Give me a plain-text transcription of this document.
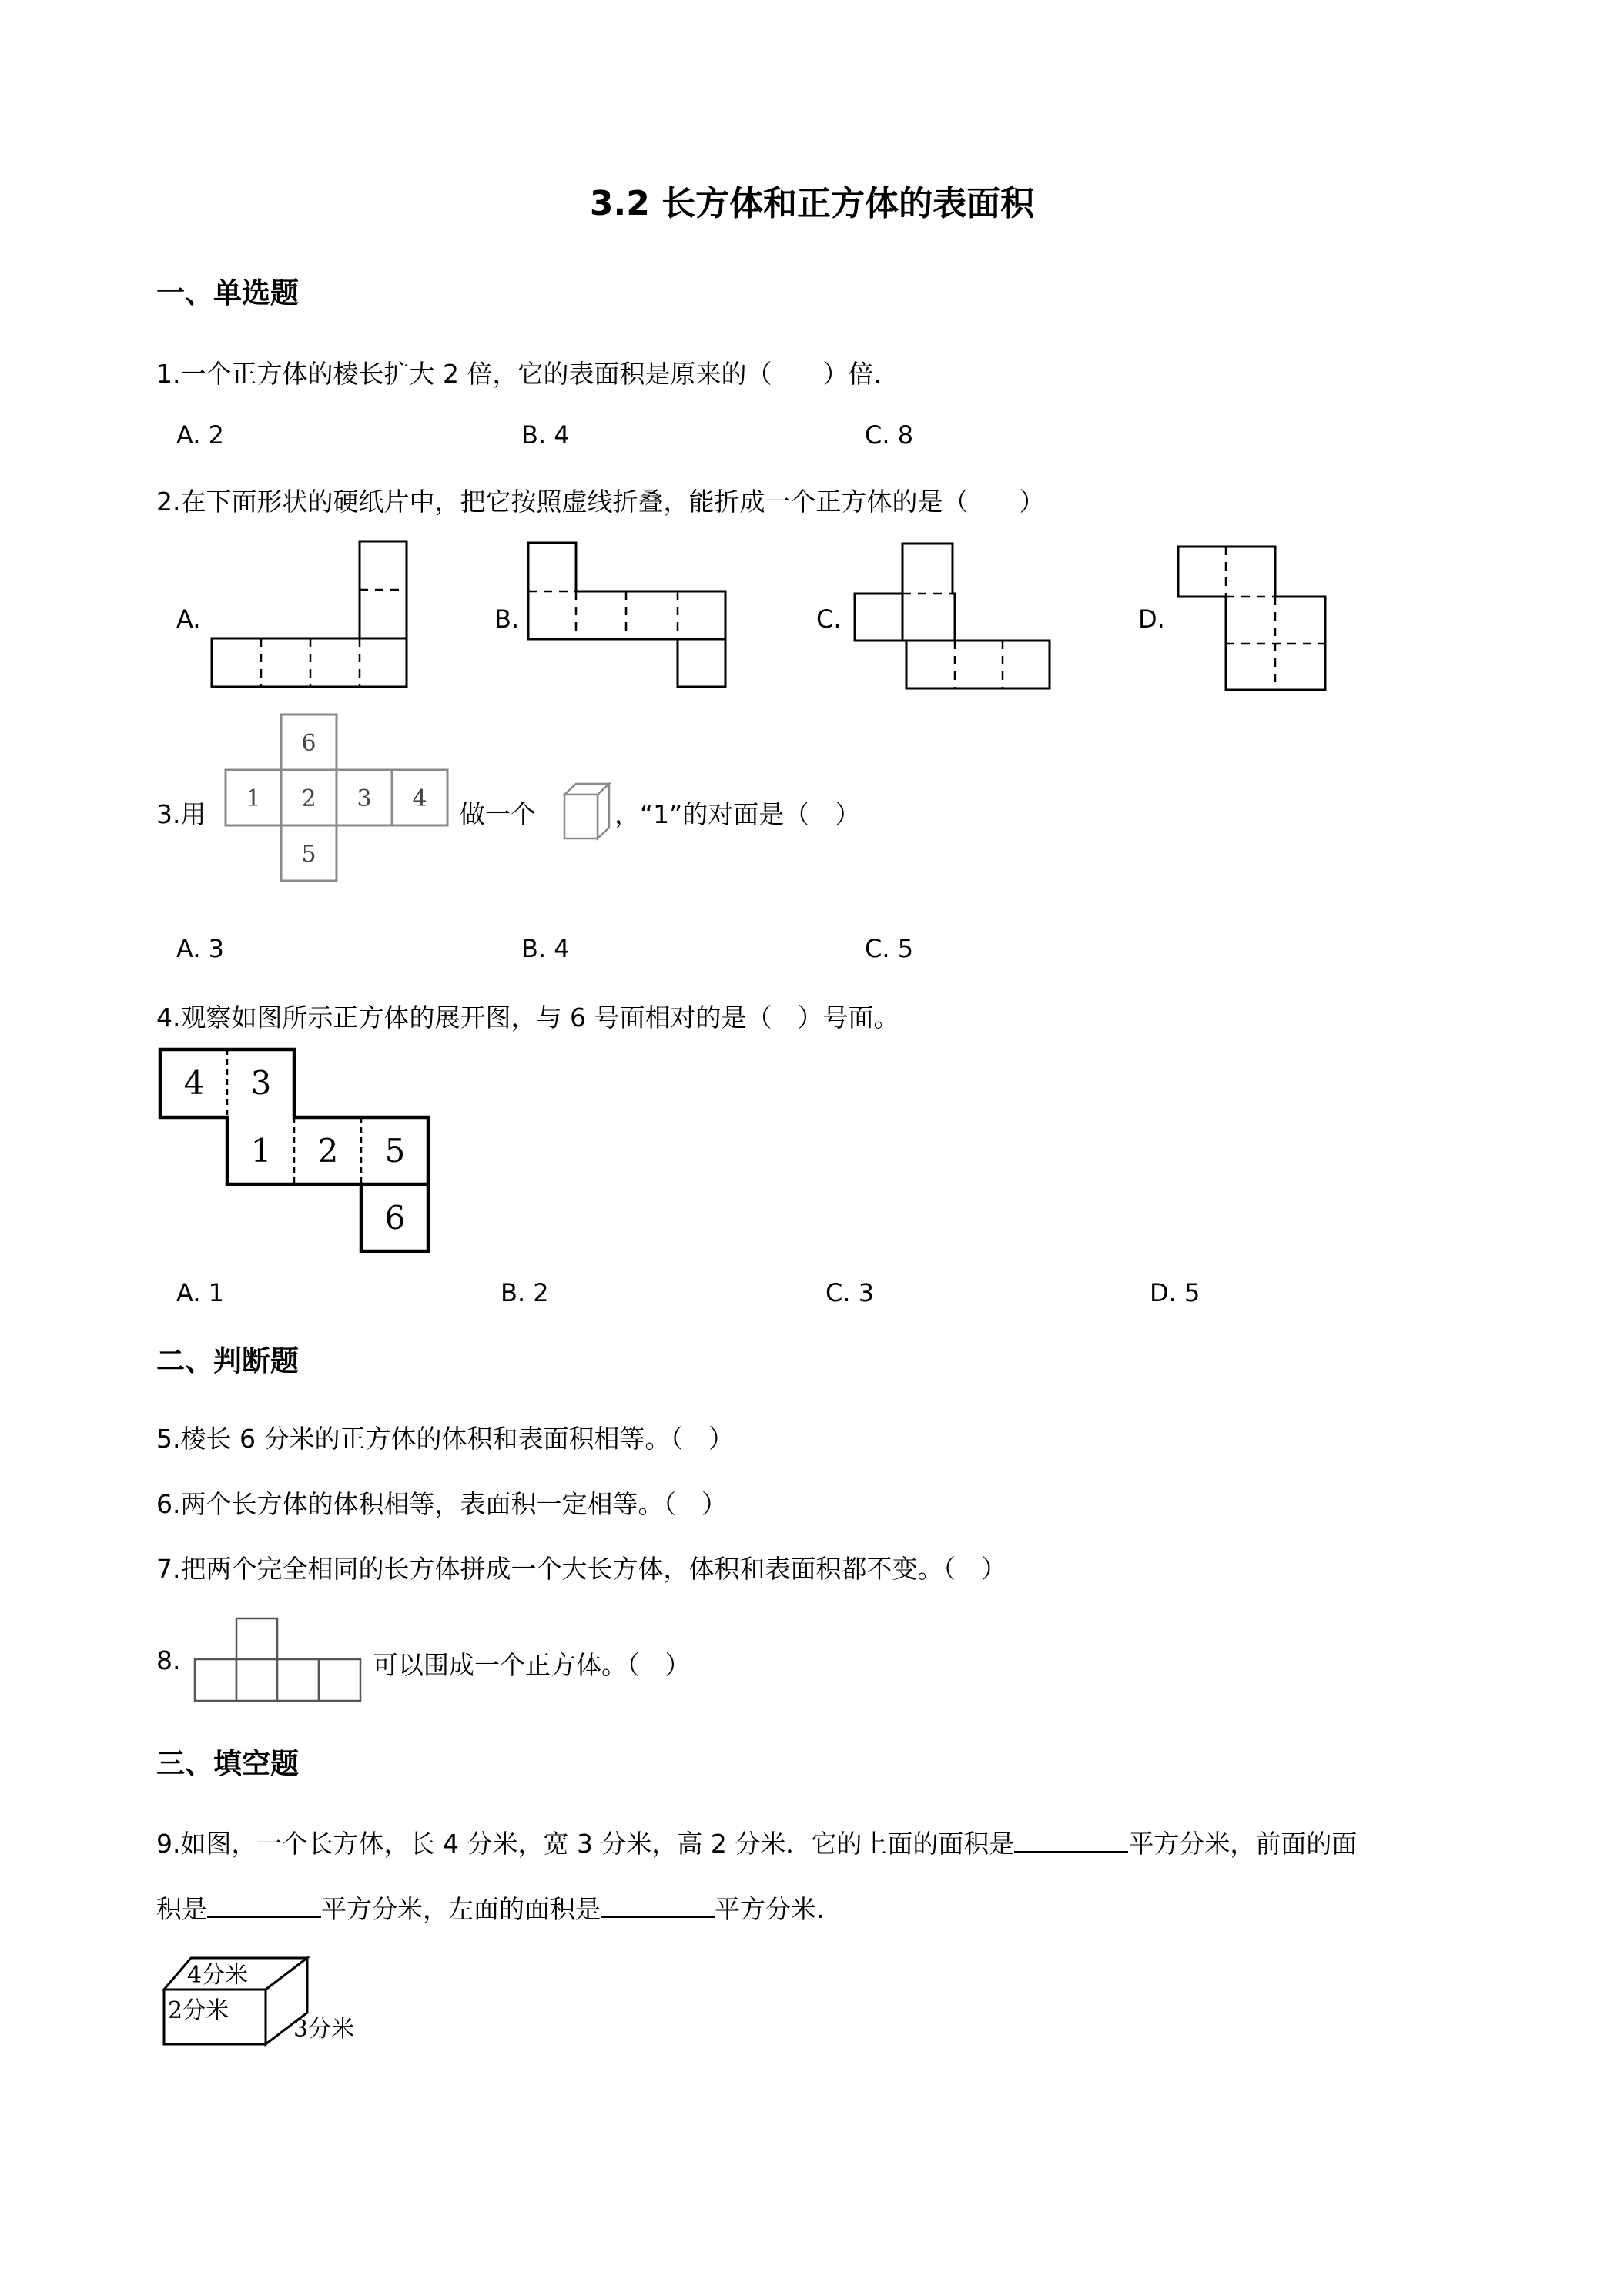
3.2 长方体和正方体的表面积
一、单选题
1.一个正方体的棱长扩大 2 倍，它的表面积是原来的（　　）倍.
A. 2	B. 4	C. 8
2.在下面形状的硬纸片中，把它按照虚线折叠，能折成一个正方体的是（　　）
A.	B.	C.	D.
3.用
6
1 2 3 4
5
做一个	，“1”的对面是（　）
A. 3	B. 4	C. 5
4.观察如图所示正方体的展开图，与 6 号面相对的是（　）号面。
4 3
1 2 5
6
A. 1	B. 2	C. 3	D. 5
二、判断题
5.棱长 6 分米的正方体的体积和表面积相等。（　）
6.两个长方体的体积相等，表面积一定相等。（　）
7.把两个完全相同的长方体拼成一个大长方体，体积和表面积都不变。（　）
8.	可以围成一个正方体。（　）
三、填空题
9.如图，一个长方体，长 4 分米，宽 3 分米，高 2 分米．它的上面的面积是	平方分米，前面的面
积是	平方分米，左面的面积是	平方分米.
4分米
2分米
3分米
